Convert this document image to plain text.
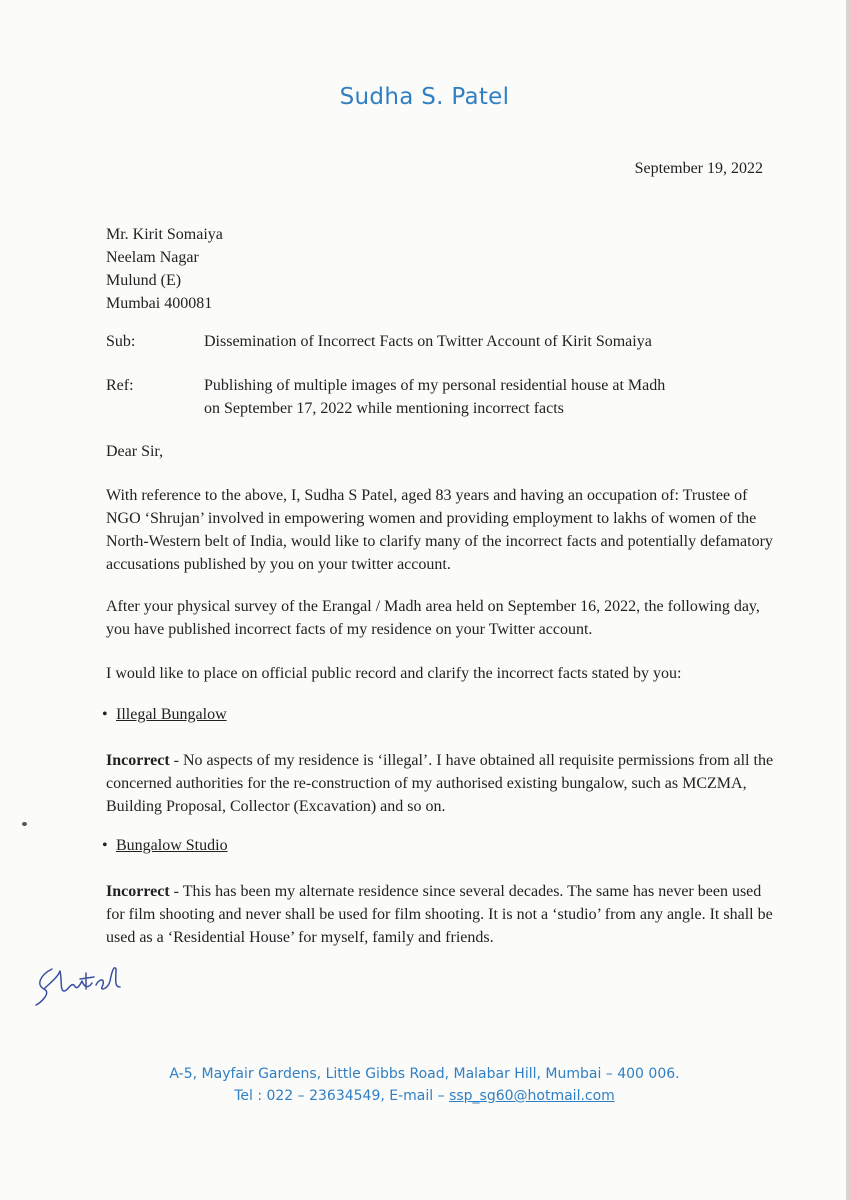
Sudha S. Patel
September 19, 2022
Mr. Kirit Somaiya
Neelam Nagar
Mulund (E)
Mumbai 400081
Sub:	Dissemination of Incorrect Facts on Twitter Account of Kirit Somaiya
Ref:	Publishing of multiple images of my personal residential house at Madh
on September 17, 2022 while mentioning incorrect facts
Dear Sir,
With reference to the above, I, Sudha S Patel, aged 83 years and having an occupation of: Trustee of NGO ‘Shrujan’ involved in empowering women and providing employment to lakhs of women of the North-Western belt of India, would like to clarify many of the incorrect facts and potentially defamatory accusations published by you on your twitter account.
After your physical survey of the Erangal / Madh area held on September 16, 2022, the following day, you have published incorrect facts of my residence on your Twitter account.
I would like to place on official public record and clarify the incorrect facts stated by you:
• Illegal Bungalow
Incorrect - No aspects of my residence is ‘illegal’. I have obtained all requisite permissions from all the concerned authorities for the re-construction of my authorised existing bungalow, such as MCZMA, Building Proposal, Collector (Excavation) and so on.
• Bungalow Studio
Incorrect - This has been my alternate residence since several decades. The same has never been used for film shooting and never shall be used for film shooting. It is not a ‘studio’ from any angle. It shall be used as a ‘Residential House’ for myself, family and friends.
A-5, Mayfair Gardens, Little Gibbs Road, Malabar Hill, Mumbai – 400 006.
Tel : 022 – 23634549, E-mail – ssp_sg60@hotmail.com
